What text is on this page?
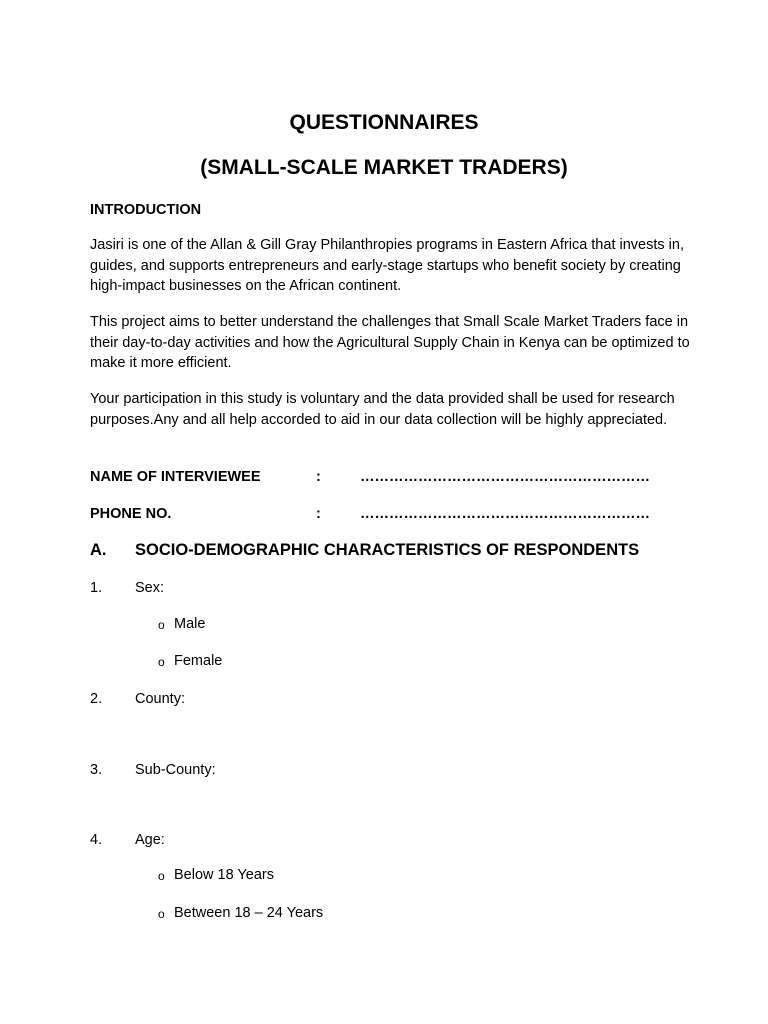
QUESTIONNAIRES
(SMALL-SCALE MARKET TRADERS)
INTRODUCTION
Jasiri is one of the Allan & Gill Gray Philanthropies programs in Eastern Africa that invests in, guides, and supports entrepreneurs and early-stage startups who benefit society by creating high-impact businesses on the African continent.
This project aims to better understand the challenges that Small Scale Market Traders face in their day-to-day activities and how the Agricultural Supply Chain in Kenya can be optimized to make it more efficient.
Your participation in this study is voluntary and the data provided shall be used for research purposes.Any and all help accorded to aid in our data collection will be highly appreciated.
NAME OF INTERVIEWEE	:	……………………………………………………
PHONE NO.	:	……………………………………………………
A. SOCIO-DEMOGRAPHIC CHARACTERISTICS OF RESPONDENTS
1. Sex:
o Male
o Female
2. County:
3. Sub-County:
4. Age:
o Below 18 Years
o Between 18 – 24 Years
